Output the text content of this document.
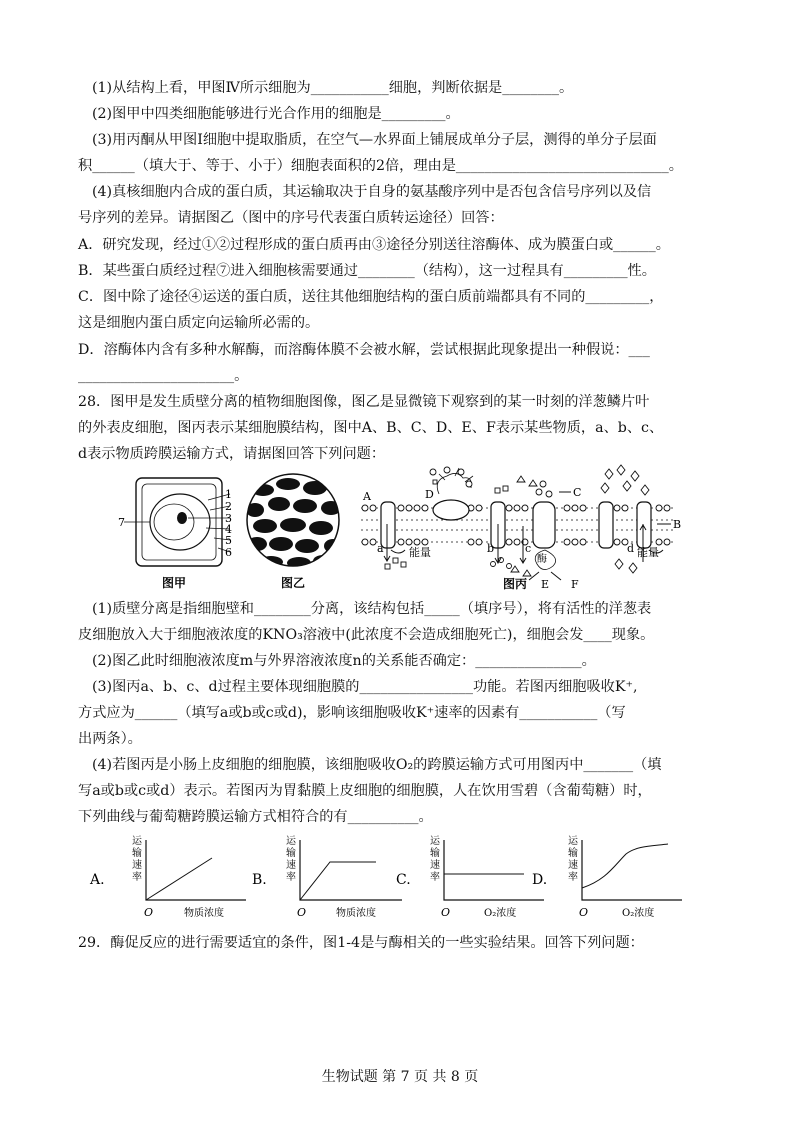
(1)从结构上看，甲图Ⅳ所示细胞为___________细胞，判断依据是________。
(2)图甲中四类细胞能够进行光合作用的细胞是_________。
(3)用丙酮从甲图Ⅰ细胞中提取脂质，在空气—水界面上铺展成单分子层，测得的单分子层面
积______（填大于、等于、小于）细胞表面积的2倍，理由是______________________________。
(4)真核细胞内合成的蛋白质，其运输取决于自身的氨基酸序列中是否包含信号序列以及信
号序列的差异。请据图乙（图中的序号代表蛋白质转运途径）回答：
A．研究发现，经过①②过程形成的蛋白质再由③途径分别送往溶酶体、成为膜蛋白或______。
B．某些蛋白质经过程⑦进入细胞核需要通过________（结构），这一过程具有_________性。
C．图中除了途径④运送的蛋白质，送往其他细胞结构的蛋白质前端都具有不同的_________，
这是细胞内蛋白质定向运输所必需的。
D．溶酶体内含有多种水解酶，而溶酶体膜不会被水解，尝试根据此现象提出一种假说：___
______________________。
28．图甲是发生质壁分离的植物细胞图像，图乙是显微镜下观察到的某一时刻的洋葱鳞片叶
的外表皮细胞，图丙表示某细胞膜结构，图中A、B、C、D、E、F表示某些物质，a、b、c、
d表示物质跨膜运输方式，请据图回答下列问题：
1
2
3
4
5
6
7
图甲	图乙
A	D	C
B
E F
a	b	c	d
能量	能量
酶
图丙
(1)质壁分离是指细胞壁和________分离，该结构包括_____（填序号），将有活性的洋葱表
皮细胞放入大于细胞液浓度的KNO₃溶液中(此浓度不会造成细胞死亡)，细胞会发____现象。
(2)图乙此时细胞液浓度m与外界溶液浓度n的关系能否确定：_______________。
(3)图丙a、b、c、d过程主要体现细胞膜的________________功能。若图丙细胞吸收K⁺,
方式应为______（填写a或b或c或d)，影响该细胞吸收K⁺速率的因素有___________（写
出两条）。
(4)若图丙是小肠上皮细胞的细胞膜，该细胞吸收O₂的跨膜运输方式可用图丙中_______（填
写a或b或c或d）表示。若图丙为胃黏膜上皮细胞的细胞膜，人在饮用雪碧（含葡萄糖）时，
下列曲线与葡萄糖跨膜运输方式相符合的有__________。
A.
运
输
速
率
O	物质浓度
B.
运
输
速
率
O	物质浓度
C.
运
输
速
率
O	O₂浓度
D.
运
输
速
率
O	O₂浓度
29．酶促反应的进行需要适宜的条件，图1-4是与酶相关的一些实验结果。回答下列问题：
生物试题 第 7 页 共 8 页
